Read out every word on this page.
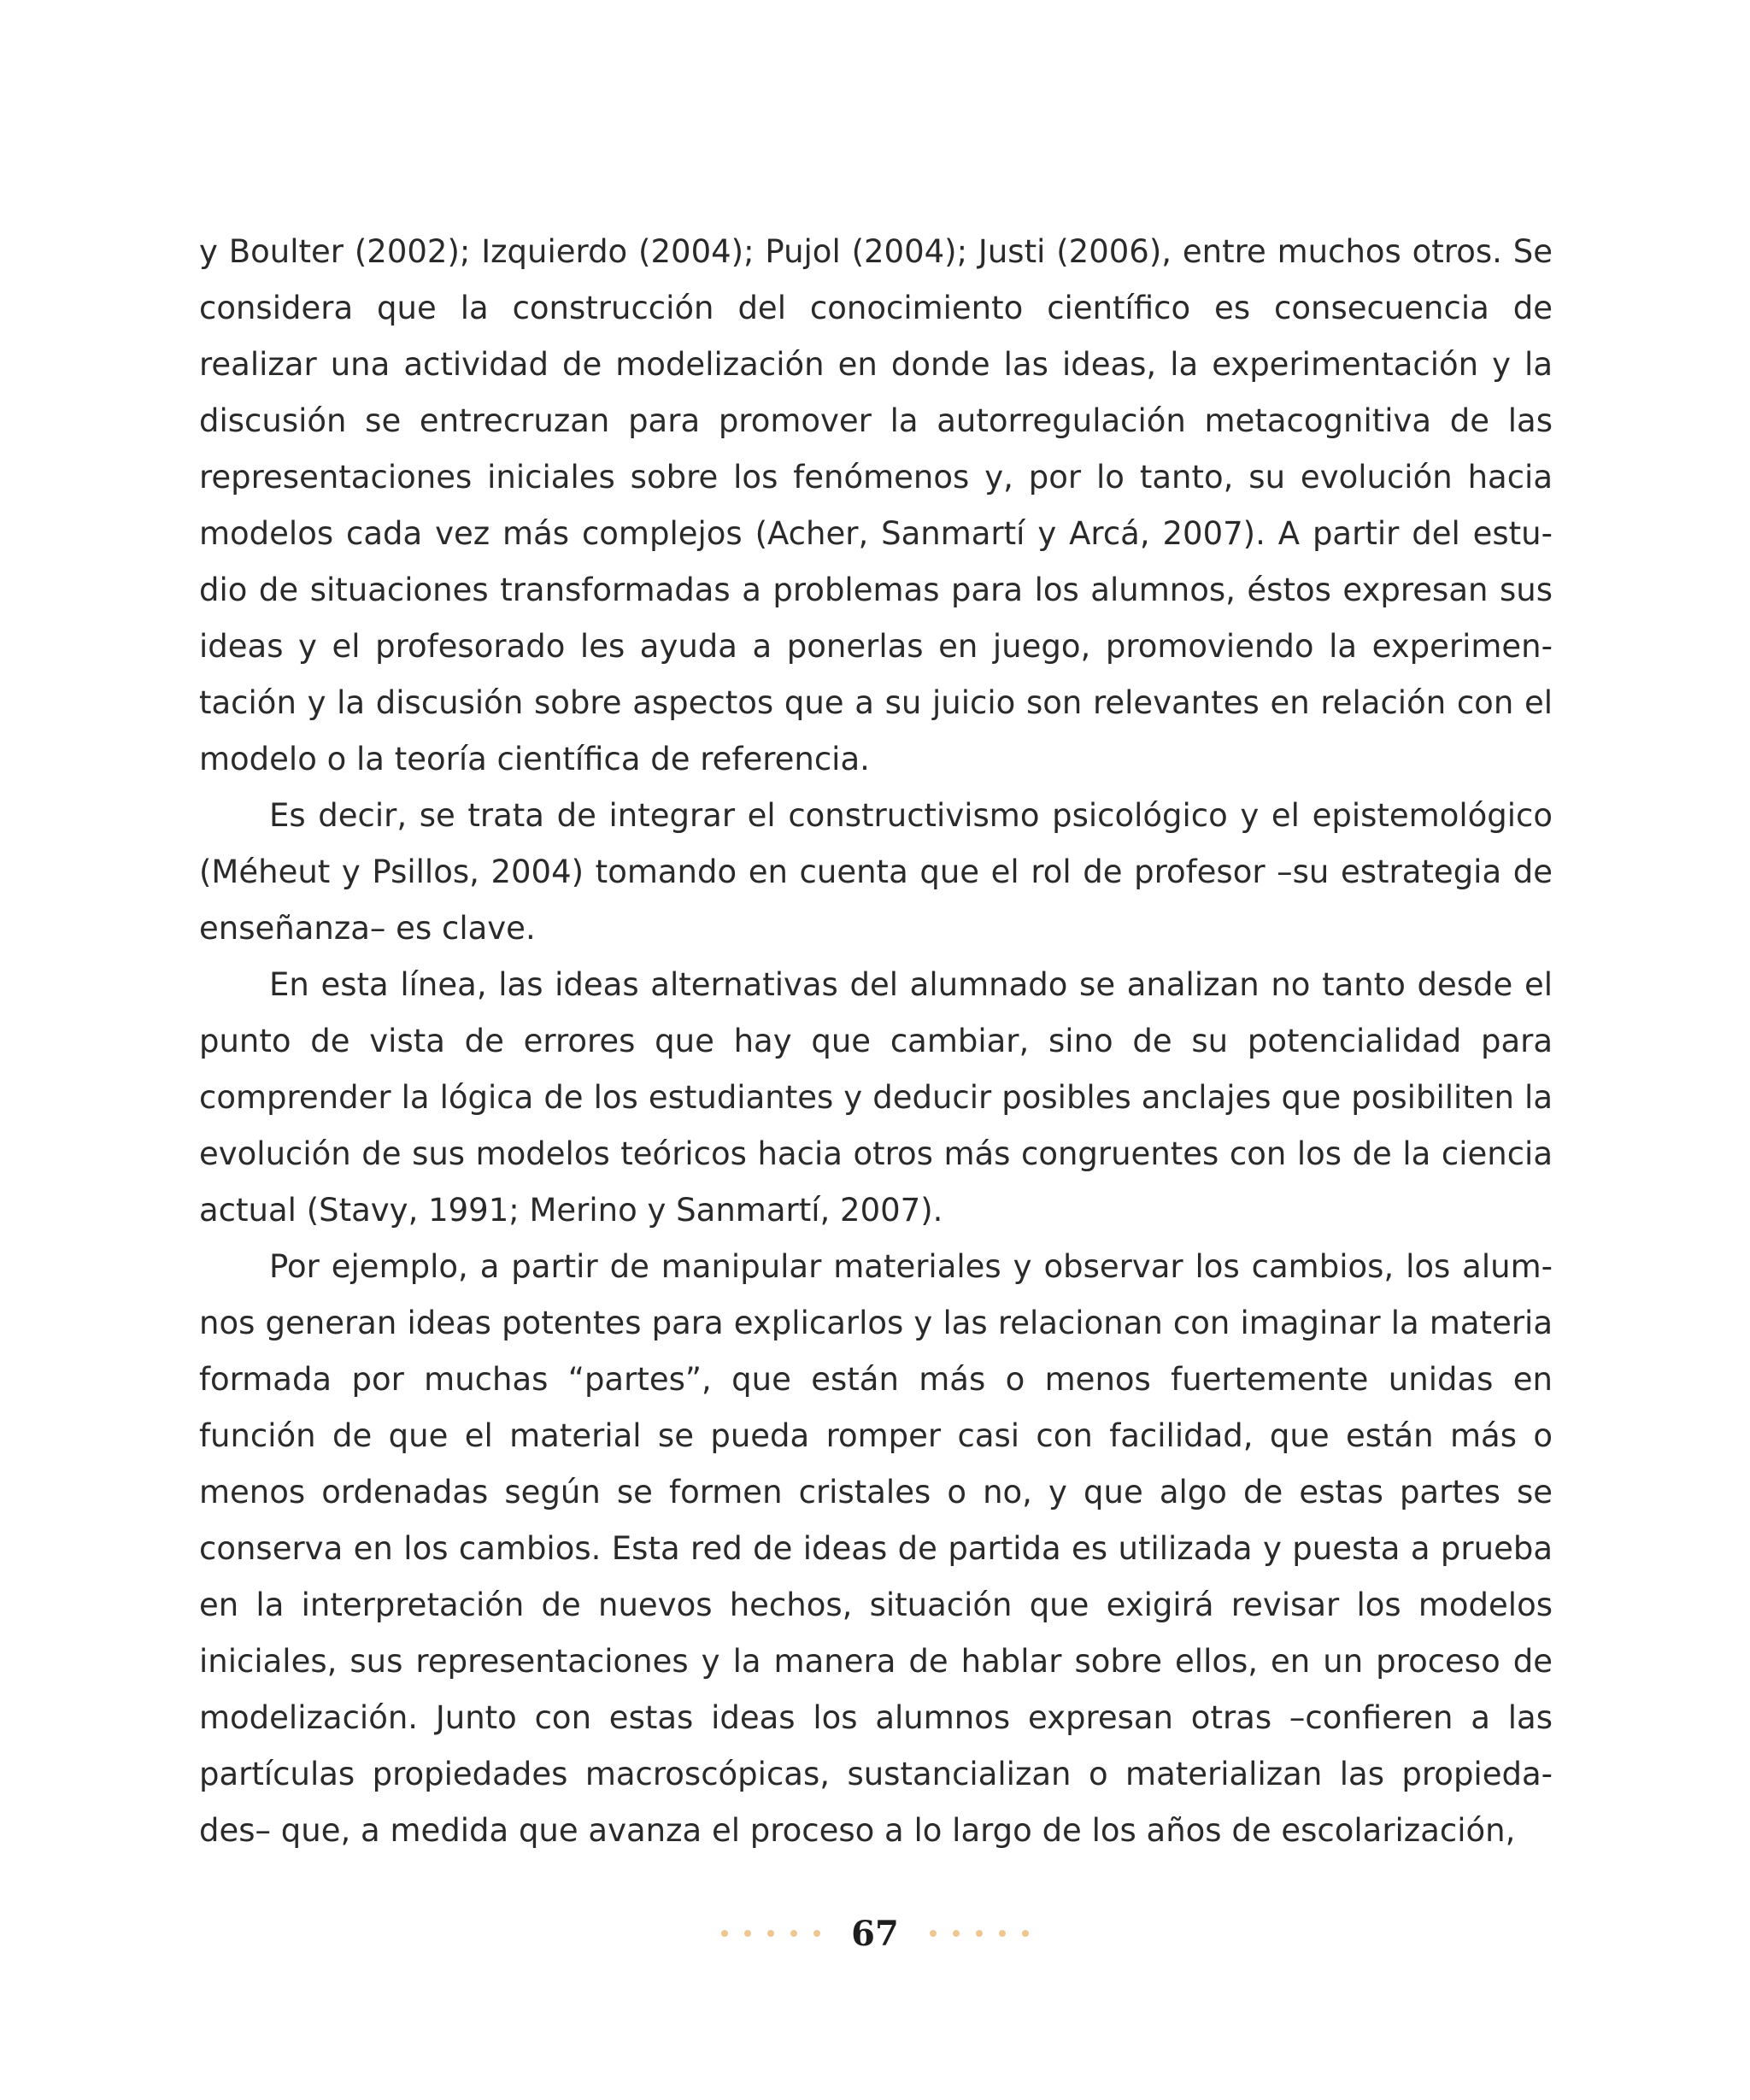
y Boulter (2002); Izquierdo (2004); Pujol (2004); Justi (2006), entre muchos otros. Se considera que la construcción del conocimiento científico es consecuencia de realizar una actividad de modelización en donde las ideas, la experimentación y la discusión se entrecruzan para promover la autorregulación metacognitiva de las representaciones iniciales sobre los fenómenos y, por lo tanto, su evolución hacia modelos cada vez más complejos (Acher, Sanmartí y Arcá, 2007). A partir del estudio de situaciones transformadas a problemas para los alumnos, éstos expresan sus ideas y el profesorado les ayuda a ponerlas en juego, promoviendo la experimentación y la discusión sobre aspectos que a su juicio son relevantes en relación con el modelo o la teoría científica de referencia.

Es decir, se trata de integrar el constructivismo psicológico y el epistemológico (Méheut y Psillos, 2004) tomando en cuenta que el rol de profesor –su estrategia de enseñanza– es clave.

En esta línea, las ideas alternativas del alumnado se analizan no tanto desde el punto de vista de errores que hay que cambiar, sino de su potencialidad para comprender la lógica de los estudiantes y deducir posibles anclajes que posibiliten la evolución de sus modelos teóricos hacia otros más congruentes con los de la ciencia actual (Stavy, 1991; Merino y Sanmartí, 2007).

Por ejemplo, a partir de manipular materiales y observar los cambios, los alumnos generan ideas potentes para explicarlos y las relacionan con imaginar la materia formada por muchas “partes”, que están más o menos fuertemente unidas en función de que el material se pueda romper casi con facilidad, que están más o menos ordenadas según se formen cristales o no, y que algo de estas partes se conserva en los cambios. Esta red de ideas de partida es utilizada y puesta a prueba en la interpretación de nuevos hechos, situación que exigirá revisar los modelos iniciales, sus representaciones y la manera de hablar sobre ellos, en un proceso de modelización. Junto con estas ideas los alumnos expresan otras –confieren a las partículas propiedades macroscópicas, sustancializan o materializan las propiedades– que, a medida que avanza el proceso a lo largo de los años de escolarización,

67
